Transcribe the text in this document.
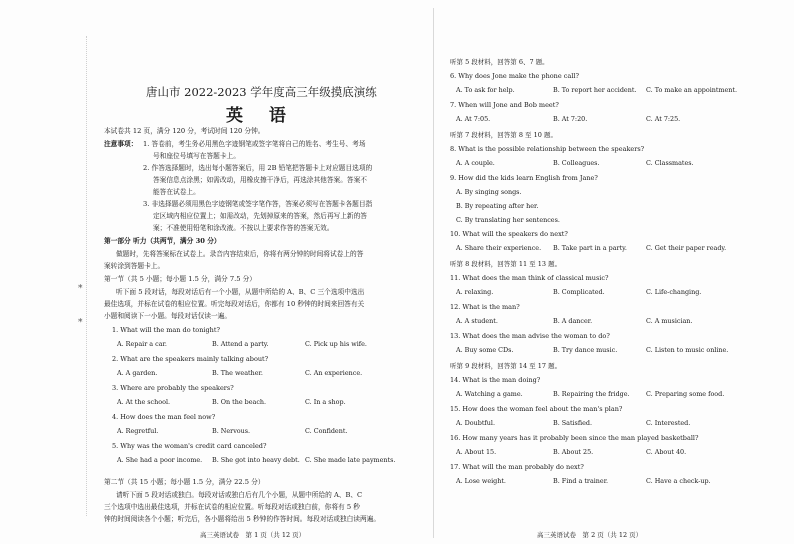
*
*
唐山市 2022-2023 学年度高三年级摸底演练
英 语
本试卷共 12 页，满分 120 分，考试时间 120 分钟。
注意事项： 1. 答卷前，考生务必用黑色字迹钢笔或签字笔将自己的姓名、考生号、考场
号和座位号填写在答题卡上。
2. 作答选择题时，选出每小题答案后，用 2B 铅笔把答题卡上对应题目选项的
答案信息点涂黑；如需改动，用橡皮擦干净后，再选涂其他答案。答案不
能答在试卷上。
3. 非选择题必须用黑色字迹钢笔或签字笔作答，答案必须写在答题卡各题目指
定区域内相应位置上；如需改动，先划掉原来的答案，然后再写上新的答
案；不准使用铅笔和涂改液。不按以上要求作答的答案无效。
第一部分 听力（共两节，满分 30 分）
做题时，先将答案标在试卷上。录音内容结束后，你将有两分钟的时间将试卷上的答
案转涂到答题卡上。
第一节（共 5 小题；每小题 1.5 分，满分 7.5 分）
听下面 5 段对话，每段对话后有一个小题，从题中所给的 A、B、C 三个选项中选出
最佳选项，并标在试卷的相应位置。听完每段对话后，你都有 10 秒钟的时间来回答有关
小题和阅读下一小题。每段对话仅读一遍。
1. What will the man do tonight?
A. Repair a car.	B. Attend a party.	C. Pick up his wife.
2. What are the speakers mainly talking about?
A. A garden.	B. The weather.	C. An experience.
3. Where are probably the speakers?
A. At the school.	B. On the beach.	C. In a shop.
4. How does the man feel now?
A. Regretful.	B. Nervous.	C. Confident.
5. Why was the woman's credit card canceled?
A. She had a poor income. B. She got into heavy debt. C. She made late payments.
第二节（共 15 小题；每小题 1.5 分，满分 22.5 分）
请听下面 5 段对话或独白。每段对话或独白后有几个小题，从题中所给的 A、B、C
三个选项中选出最佳选项，并标在试卷的相应位置。听每段对话或独白前，你将有 5 秒
钟的时间阅读各个小题；听完后，各小题将给出 5 秒钟的作答时间。每段对话或独白读两遍。
高三英语试卷　第 1 页（共 12 页）
听第 5 段材料，回答第 6、7 题。
6. Why does Jone make the phone call?
A. To ask for help.	B. To report her accident. C. To make an appointment.
7. When will Jone and Bob meet?
A. At 7:05.	B. At 7:20.	C. At 7:25.
听第 7 段材料，回答第 8 至 10 题。
8. What is the possible relationship between the speakers?
A. A couple.	B. Colleagues.	C. Classmates.
9. How did the kids learn English from Jane?
A. By singing songs.
B. By repeating after her.
C. By translating her sentences.
10. What will the speakers do next?
A. Share their experience. B. Take part in a party.	C. Get their paper ready.
听第 8 段材料，回答第 11 至 13 题。
11. What does the man think of classical music?
A. relaxing.	B. Complicated.	C. Life-changing.
12. What is the man?
A. A student.	B. A dancer.	C. A musician.
13. What does the man advise the woman to do?
A. Buy some CDs.	B. Try dance music.	C. Listen to music online.
听第 9 段材料，回答第 14 至 17 题。
14. What is the man doing?
A. Watching a game.	B. Repairing the fridge.	C. Preparing some food.
15. How does the woman feel about the man's plan?
A. Doubtful.	B. Satisfied.	C. Interested.
16. How many years has it probably been since the man played basketball?
A. About 15.	B. About 25.	C. About 40.
17. What will the man probably do next?
A. Lose weight.	B. Find a trainer.	C. Have a check-up.
高三英语试卷　第 2 页（共 12 页）
